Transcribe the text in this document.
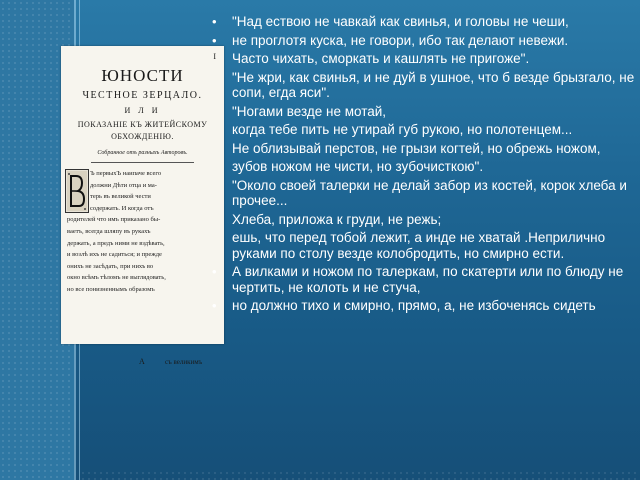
I
ЮНОСТИ
ЧЕСТНОЕ ЗЕРЦАЛО.
И Л И
ПОКАЗАНІЕ КЪ ЖИТЕЙСКОМУ
ОБХОЖДЕНІЮ.
Собранное отъ разныхъ Авторовъ.
Ъ первыхЪ наипаче всего
должни Дѣти отца и ма-
терь въ великой чести
содержать. И когда отъ
родителей что имъ приказано бы-
ваетъ, всегда шляпу въ рукахъ
держать, а предъ ними не вздѣвать,
и возлѣ ихъ не садиться; и прежде
онихъ не засѣдать, при нихъ во
окно всѣмъ тѣломъ не выглядовать,
но все понизненнымъ образомъ
А	съ великимъ
• "Над ествою не чавкай как свинья, и головы не чеши,
• не проглотя куска, не говори, ибо так делают невежи.
Часто чихать, сморкать и кашлять не пригоже".
"Не жри, как свинья, и не дуй в ушное, что б везде брызгало, не сопи, егда яси".
"Ногами везде не мотай,
когда тебе пить не утирай губ рукою, но полотенцем...
Не облизывай перстов, не грызи когтей, но обрежь ножом,
зубов ножом не чисти, но зубочисткою".
"Около своей талерки не делай забор из костей, корок хлеба и прочее...
Хлеба, приложа к груди, не режь;
ешь, что перед тобой лежит, а инде не хватай .Неприлично руками по столу везде колобродить, но смирно ести.
• А вилками и ножом по талеркам, по скатерти или по блюду не чертить, не колоть и не стуча,
• но должно тихо и смирно, прямо, а, не избоченясь сидеть
